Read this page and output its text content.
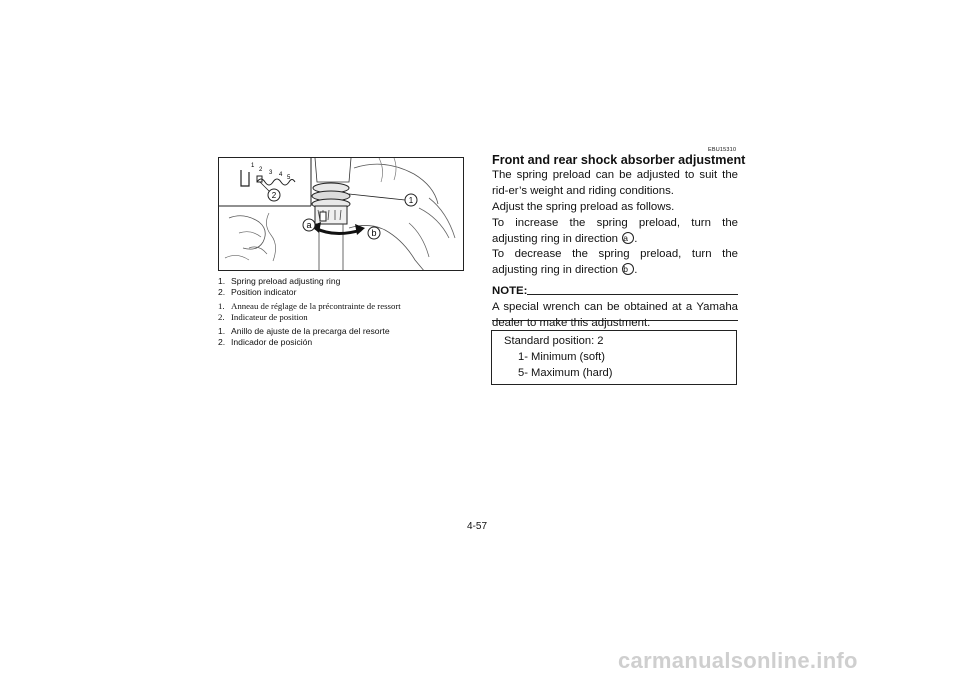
1
2 3 4 5
2
1
a
b
1. Spring preload adjusting ring
2. Position indicator
1. Anneau de réglage de la précontrainte de ressort
2. Indicateur de position
1. Anillo de ajuste de la precarga del resorte
2. Indicador de posición
EBU15310
Front and rear shock absorber adjustment
The spring preload can be adjusted to suit the rid-er’s weight and riding conditions.
Adjust the spring preload as follows.
To increase the spring preload, turn the adjusting ring in direction a .
To decrease the spring preload, turn the adjusting ring in direction b .
NOTE:
A special wrench can be obtained at a Yamaha dealer to make this adjustment.
Standard position: 2
1- Minimum (soft)
5- Maximum (hard)
4-57
carmanualsonline.info
